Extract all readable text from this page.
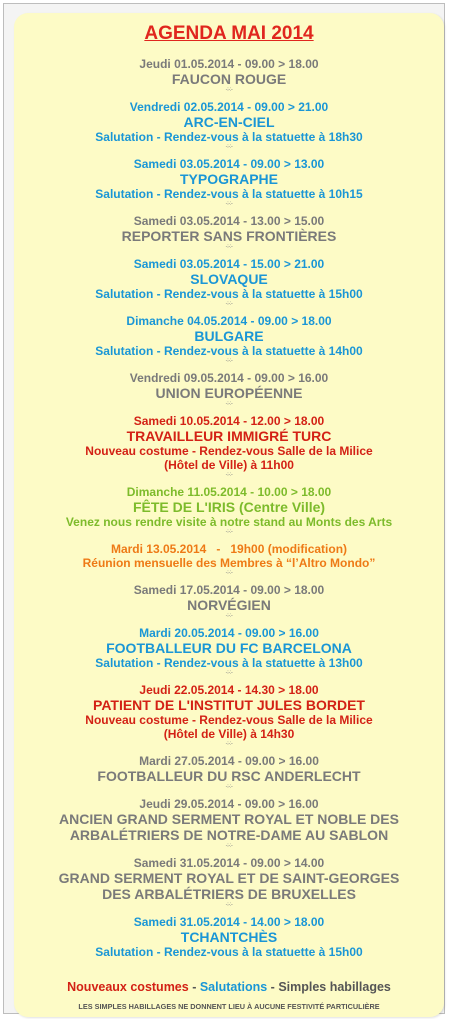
AGENDA MAI 2014
Jeudi 01.05.2014 - 09.00 > 18.00
FAUCON ROUGE
-:-:-
Vendredi 02.05.2014 - 09.00 > 21.00
ARC-EN-CIEL
Salutation - Rendez-vous à la statuette à 18h30
-:-:-
Samedi 03.05.2014 - 09.00 > 13.00
TYPOGRAPHE
Salutation - Rendez-vous à la statuette à 10h15
-:-:-
Samedi 03.05.2014 - 13.00 > 15.00
REPORTER SANS FRONTIÈRES
-:-:-
Samedi 03.05.2014 - 15.00 > 21.00
SLOVAQUE
Salutation - Rendez-vous à la statuette à 15h00
-:-:-
Dimanche 04.05.2014 - 09.00 > 18.00
BULGARE
Salutation - Rendez-vous à la statuette à 14h00
-:-:-
Vendredi 09.05.2014 - 09.00 > 16.00
UNION EUROPÉENNE
-:-:-
Samedi 10.05.2014 - 12.00 > 18.00
TRAVAILLEUR IMMIGRÉ TURC
Nouveau costume - Rendez-vous Salle de la Milice
(Hôtel de Ville) à 11h00
-:-:-
Dimanche 11.05.2014 - 10.00 > 18.00
FÊTE DE L'IRIS (Centre Ville)
Venez nous rendre visite à notre stand au Monts des Arts
-:-:-
Mardi 13.05.2014   -   19h00 (modification)
Réunion mensuelle des Membres à “l’Altro Mondo”
-:-:-
Samedi 17.05.2014 - 09.00 > 18.00
NORVÉGIEN
-:-:-
Mardi 20.05.2014 - 09.00 > 16.00
FOOTBALLEUR DU FC BARCELONA
Salutation - Rendez-vous à la statuette à 13h00
-:-:-
Jeudi 22.05.2014 - 14.30 > 18.00
PATIENT DE L'INSTITUT JULES BORDET
Nouveau costume - Rendez-vous Salle de la Milice
(Hôtel de Ville) à 14h30
-:-:-
Mardi 27.05.2014 - 09.00 > 16.00
FOOTBALLEUR DU RSC ANDERLECHT
-:-:-
Jeudi 29.05.2014 - 09.00 > 16.00
ANCIEN GRAND SERMENT ROYAL ET NOBLE DES
ARBALÉTRIERS DE NOTRE-DAME AU SABLON
-:-:-
Samedi 31.05.2014 - 09.00 > 14.00
GRAND SERMENT ROYAL ET DE SAINT-GEORGES
DES ARBALÉTRIERS DE BRUXELLES
-:-:-
Samedi 31.05.2014 - 14.00 > 18.00
TCHANTCHÈS
Salutation - Rendez-vous à la statuette à 15h00
Nouveaux costumes - Salutations - Simples habillages
LES SIMPLES HABILLAGES NE DONNENT LIEU À AUCUNE FESTIVITÉ PARTICULIÈRE
